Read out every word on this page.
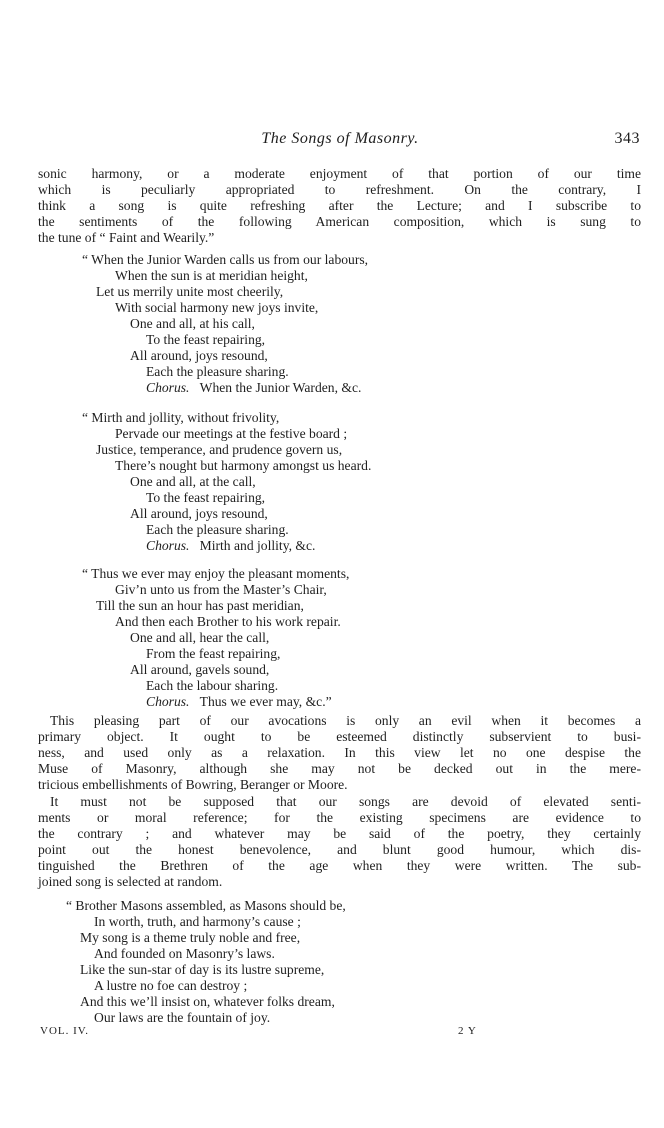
The Songs of Masonry.	343

sonic harmony, or a moderate enjoyment of that portion of our time

which is peculiarly appropriated to refreshment. On the contrary, I

think a song is quite refreshing after the Lecture; and I subscribe to

the sentiments of the following American composition, which is sung to

the tune of “ Faint and Wearily.”

“ When the Junior Warden calls us from our labours,
When the sun is at meridian height,
Let us merrily unite most cheerily,
With social harmony new joys invite,
One and all, at his call,
To the feast repairing,
All around, joys resound,
Each the pleasure sharing.
Chorus. When the Junior Warden, &c.
“ Mirth and jollity, without frivolity,
Pervade our meetings at the festive board ;
Justice, temperance, and prudence govern us,
There’s nought but harmony amongst us heard.
One and all, at the call,
To the feast repairing,
All around, joys resound,
Each the pleasure sharing.
Chorus. Mirth and jollity, &c.
“ Thus we ever may enjoy the pleasant moments,
Giv’n unto us from the Master’s Chair,
Till the sun an hour has past meridian,
And then each Brother to his work repair.
One and all, hear the call,
From the feast repairing,
All around, gavels sound,
Each the labour sharing.
Chorus. Thus we ever may, &c.”

This pleasing part of our avocations is only an evil when it becomes a

primary object. It ought to be esteemed distinctly subservient to busi-

ness, and used only as a relaxation. In this view let no one despise the

Muse of Masonry, although she may not be decked out in the mere-

tricious embellishments of Bowring, Beranger or Moore.

It must not be supposed that our songs are devoid of elevated senti-

ments or moral reference; for the existing specimens are evidence to

the contrary ; and whatever may be said of the poetry, they certainly

point out the honest benevolence, and blunt good humour, which dis-

tinguished the Brethren of the age when they were written. The sub-

joined song is selected at random.

“ Brother Masons assembled, as Masons should be,
In worth, truth, and harmony’s cause ;
My song is a theme truly noble and free,
And founded on Masonry’s laws.
Like the sun-star of day is its lustre supreme,
A lustre no foe can destroy ;
And this we’ll insist on, whatever folks dream,
Our laws are the fountain of joy.
VOL. IV.	2 Y
